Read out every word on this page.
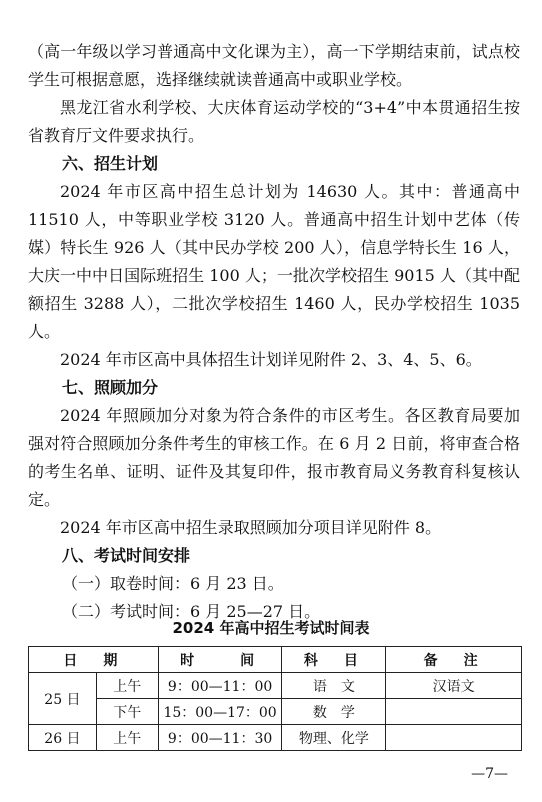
（高一年级以学习普通高中文化课为主），高一下学期结束前，试点校学生可根据意愿，选择继续就读普通高中或职业学校。

黑龙江省水利学校、大庆体育运动学校的“3+4”中本贯通招生按省教育厅文件要求执行。

六、招生计划

2024 年市区高中招生总计划为 14630 人。其中：普通高中 11510 人，中等职业学校 3120 人。普通高中招生计划中艺体（传媒）特长生 926 人（其中民办学校 200 人），信息学特长生 16 人，大庆一中中日国际班招生 100 人；一批次学校招生 9015 人（其中配额招生 3288 人），二批次学校招生 1460 人，民办学校招生 1035 人。

2024 年市区高中具体招生计划详见附件 2、3、4、5、6。

七、照顾加分

2024 年照顾加分对象为符合条件的市区考生。各区教育局要加强对符合照顾加分条件考生的审核工作。在 6 月 2 日前，将审查合格的考生名单、证明、证件及其复印件，报市教育局义务教育科复核认定。

2024 年市区高中招生录取照顾加分项目详见附件 8。

八、考试时间安排

（一）取卷时间：6 月 23 日。

（二）考试时间：6 月 25—27 日。

2024 年高中招生考试时间表

日　期		时　　间	科　目	备　注
25 日	上午	9：00—11：00	语　文	汉语文
	下午	15：00—17：00	数　学	
26 日	上午	9：00—11：30	物理、化学	

—7—
